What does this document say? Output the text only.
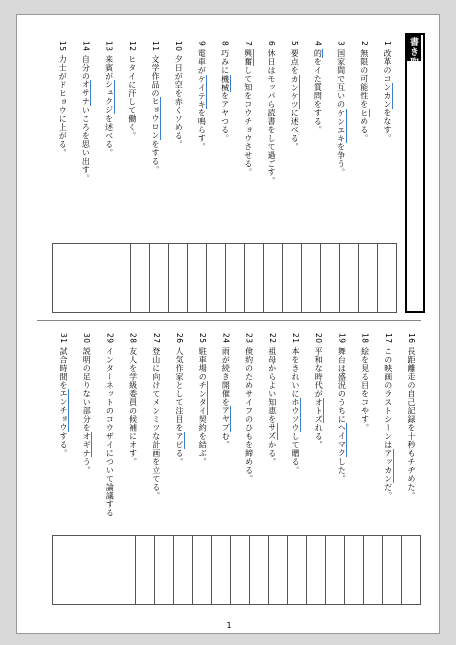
書き取り
1改革のコンカンをなす。
2無限の可能性をヒめる。
3国家間で互いのケンエキを争う。
4的をイた質問をする。
5要点をカンケツに述べる。
6休日はモッパら読書をして過ごす。
7興奮して知をコウチョウさせる。
8巧みに機械をアヤつる。
9電車がケイテキを鳴らす。
10夕日が空を赤くソめる。
11文学作品のヒョウロンをする。
12ヒタイに汗して働く。
13来賓がシュクジを述べる。
14自分のオサナいころを思い出す。
15力士がドヒョウに上がる。
16長距離走の自己記録を十秒もチヂめた。
17この映画のラストシーンはアッカンだ。
18絵を見る目をコやす。
19舞台は盛況のうちにヘイマクした。
20平和な時代がオトズれる。
21本をきれいにホウソウして贈る。
22祖母からよい知恵をサズかる。
23倹約のためサイフのひもを締める。
24雨が続き開催をアヤブむ。
25駐車場のチンタイ契約を結ぶ。
26人気作家として注目をアビる。
27登山に向けてメンミツな計画を立てる。
28友人を学級委員の候補にオす。
29インターネットのコウザイについて論議する
30説明の足りない部分をオギナう。
31試合時間をエンチョウする。
1
